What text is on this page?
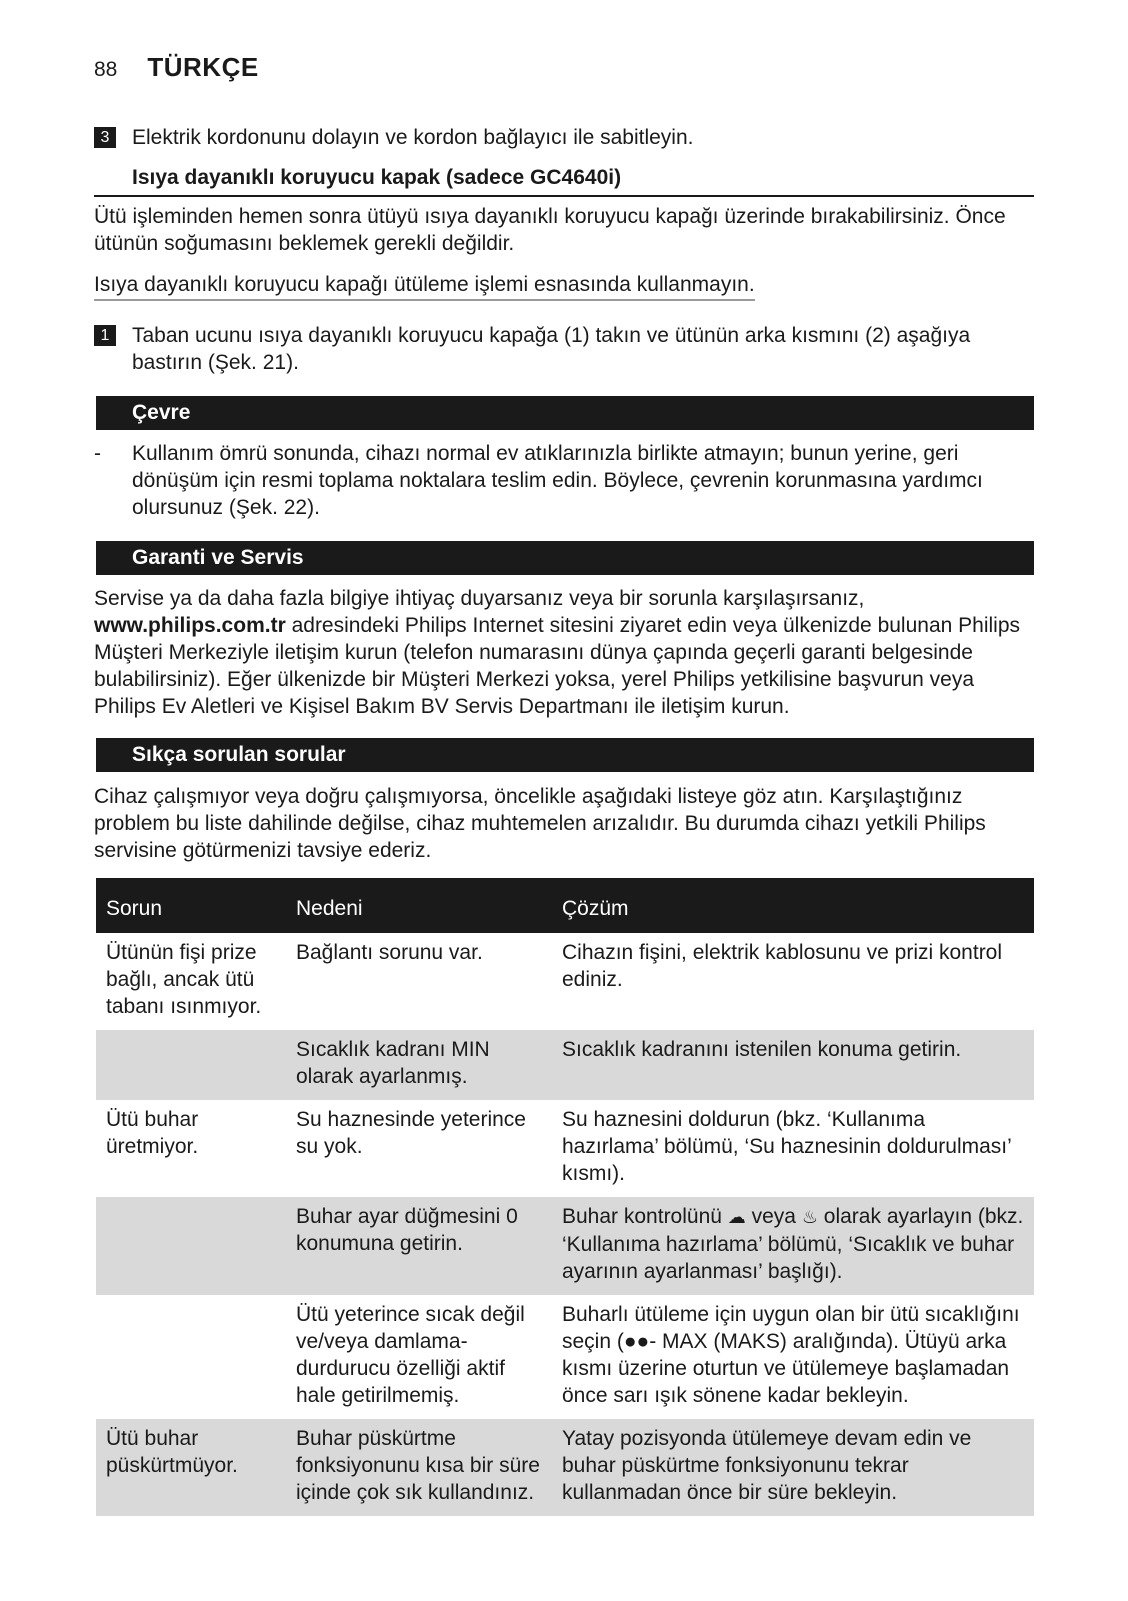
88 TÜRKÇE
3	Elektrik kordonunu dolayın ve kordon bağlayıcı ile sabitleyin.
Isıya dayanıklı koruyucu kapak (sadece GC4640i)
Ütü işleminden hemen sonra ütüyü ısıya dayanıklı koruyucu kapağı üzerinde bırakabilirsiniz. Önce ütünün soğumasını beklemek gerekli değildir.
Isıya dayanıklı koruyucu kapağı ütüleme işlemi esnasında kullanmayın.
1	Taban ucunu ısıya dayanıklı koruyucu kapağa (1) takın ve ütünün arka kısmını (2) aşağıya bastırın (Şek. 21).
Çevre
- Kullanım ömrü sonunda, cihazı normal ev atıklarınızla birlikte atmayın; bunun yerine, geri dönüşüm için resmi toplama noktalara teslim edin. Böylece, çevrenin korunmasına yardımcı olursunuz (Şek. 22).
Garanti ve Servis
Servise ya da daha fazla bilgiye ihtiyaç duyarsanız veya bir sorunla karşılaşırsanız, www.philips.com.tr adresindeki Philips Internet sitesini ziyaret edin veya ülkenizde bulunan Philips Müşteri Merkeziyle iletişim kurun (telefon numarasını dünya çapında geçerli garanti belgesinde bulabilirsiniz). Eğer ülkenizde bir Müşteri Merkezi yoksa, yerel Philips yetkilisine başvurun veya Philips Ev Aletleri ve Kişisel Bakım BV Servis Departmanı ile iletişim kurun.
Sıkça sorulan sorular
Cihaz çalışmıyor veya doğru çalışmıyorsa, öncelikle aşağıdaki listeye göz atın. Karşılaştığınız problem bu liste dahilinde değilse, cihaz muhtemelen arızalıdır. Bu durumda cihazı yetkili Philips servisine götürmenizi tavsiye ederiz.
Sorun	Nedeni	Çözüm
Ütünün fişi prize bağlı, ancak ütü tabanı ısınmıyor.	Bağlantı sorunu var.	Cihazın fişini, elektrik kablosunu ve prizi kontrol ediniz.
	Sıcaklık kadranı MIN olarak ayarlanmış.	Sıcaklık kadranını istenilen konuma getirin.
Ütü buhar üretmiyor.	Su haznesinde yeterince su yok.	Su haznesini doldurun (bkz. ‘Kullanıma hazırlama’ bölümü, ‘Su haznesinin doldurulması’ kısmı).
	Buhar ayar düğmesini 0 konumuna getirin.	Buhar kontrolünü ☁ veya ♨ olarak ayarlayın (bkz. ‘Kullanıma hazırlama’ bölümü, ‘Sıcaklık ve buhar ayarının ayarlanması’ başlığı).
	Ütü yeterince sıcak değil ve/veya damlama-durdurucu özelliği aktif hale getirilmemiş.	Buharlı ütüleme için uygun olan bir ütü sıcaklığını seçin (●●- MAX (MAKS) aralığında). Ütüyü arka kısmı üzerine oturtun ve ütülemeye başlamadan önce sarı ışık sönene kadar bekleyin.
Ütü buhar püskürtmüyor.	Buhar püskürtme fonksiyonunu kısa bir süre içinde çok sık kullandınız.	Yatay pozisyonda ütülemeye devam edin ve buhar püskürtme fonksiyonunu tekrar kullanmadan önce bir süre bekleyin.
